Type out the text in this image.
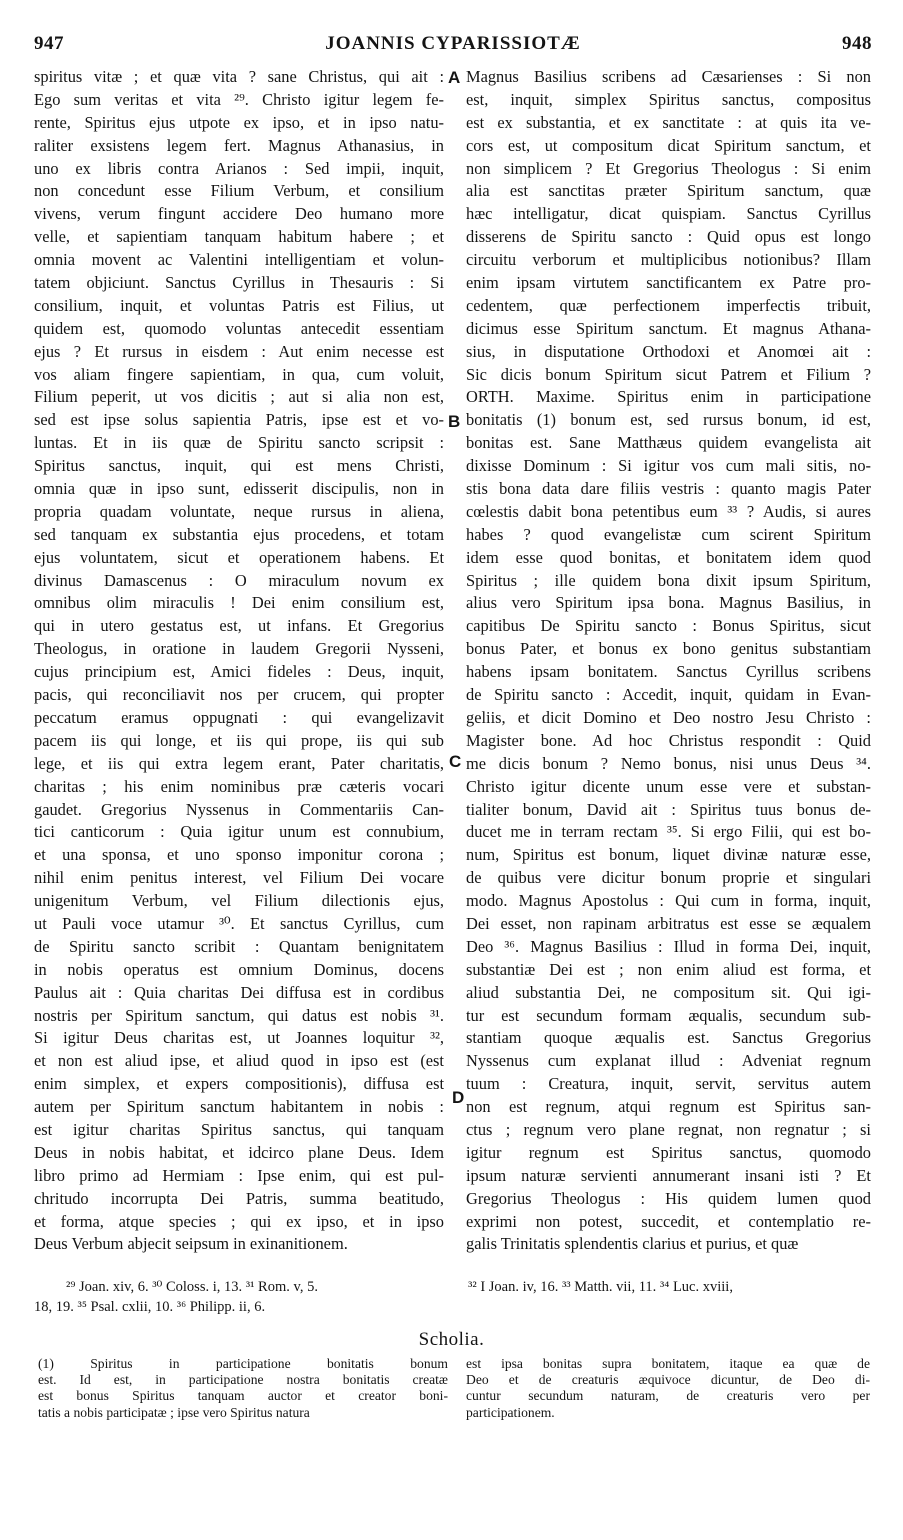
947	JOANNIS CYPARISSIOTÆ	948
spiritus vitæ ; et quæ vita ? sane Christus, qui ait :
Ego sum veritas et vita ²⁹. Christo igitur legem fe-
rente, Spiritus ejus utpote ex ipso, et in ipso natu-
raliter exsistens legem fert. Magnus Athanasius, in
uno ex libris contra Arianos : Sed impii, inquit,
non concedunt esse Filium Verbum, et consilium
vivens, verum fingunt accidere Deo humano more
velle, et sapientiam tanquam habitum habere ; et
omnia movent ac Valentini intelligentiam et volun-
tatem objiciunt. Sanctus Cyrillus in Thesauris : Si
consilium, inquit, et voluntas Patris est Filius, ut
quidem est, quomodo voluntas antecedit essentiam
ejus ? Et rursus in eisdem : Aut enim necesse est
vos aliam fingere sapientiam, in qua, cum voluit,
Filium peperit, ut vos dicitis ; aut si alia non est,
sed est ipse solus sapientia Patris, ipse est et vo-
luntas. Et in iis quæ de Spiritu sancto scripsit :
Spiritus sanctus, inquit, qui est mens Christi,
omnia quæ in ipso sunt, edisserit discipulis, non in
propria quadam voluntate, neque rursus in aliena,
sed tanquam ex substantia ejus procedens, et totam
ejus voluntatem, sicut et operationem habens. Et
divinus Damascenus : O miraculum novum ex
omnibus olim miraculis ! Dei enim consilium est,
qui in utero gestatus est, ut infans. Et Gregorius
Theologus, in oratione in laudem Gregorii Nysseni,
cujus principium est, Amici fideles : Deus, inquit,
pacis, qui reconciliavit nos per crucem, qui propter
peccatum eramus oppugnati : qui evangelizavit
pacem iis qui longe, et iis qui prope, iis qui sub
lege, et iis qui extra legem erant, Pater charitatis,
charitas ; his enim nominibus præ cæteris vocari
gaudet. Gregorius Nyssenus in Commentariis Can-
tici canticorum : Quia igitur unum est connubium,
et una sponsa, et uno sponso imponitur corona ;
nihil enim penitus interest, vel Filium Dei vocare
unigenitum Verbum, vel Filium dilectionis ejus,
ut Pauli voce utamur ³⁰. Et sanctus Cyrillus, cum
de Spiritu sancto scribit : Quantam benignitatem
in nobis operatus est omnium Dominus, docens
Paulus ait : Quia charitas Dei diffusa est in cordibus
nostris per Spiritum sanctum, qui datus est nobis ³¹.
Si igitur Deus charitas est, ut Joannes loquitur ³²,
et non est aliud ipse, et aliud quod in ipso est (est
enim simplex, et expers compositionis), diffusa est
autem per Spiritum sanctum habitantem in nobis :
est igitur charitas Spiritus sanctus, qui tanquam
Deus in nobis habitat, et idcirco plane Deus. Idem
libro primo ad Hermiam : Ipse enim, qui est pul-
chritudo incorrupta Dei Patris, summa beatitudo,
et forma, atque species ; qui ex ipso, et in ipso
Deus Verbum abjecit seipsum in exinanitionem.
Magnus Basilius scribens ad Cæsarienses : Si non
est, inquit, simplex Spiritus sanctus, compositus
est ex substantia, et ex sanctitate : at quis ita ve-
cors est, ut compositum dicat Spiritum sanctum, et
non simplicem ? Et Gregorius Theologus : Si enim
alia est sanctitas præter Spiritum sanctum, quæ
hæc intelligatur, dicat quispiam. Sanctus Cyrillus
disserens de Spiritu sancto : Quid opus est longo
circuitu verborum et multiplicibus notionibus? Illam
enim ipsam virtutem sanctificantem ex Patre pro-
cedentem, quæ perfectionem imperfectis tribuit,
dicimus esse Spiritum sanctum. Et magnus Athana-
sius, in disputatione Orthodoxi et Anomœi ait :
Sic dicis bonum Spiritum sicut Patrem et Filium ?
ORTH. Maxime. Spiritus enim in participatione
bonitatis (1) bonum est, sed rursus bonum, id est,
bonitas est. Sane Matthæus quidem evangelista ait
dixisse Dominum : Si igitur vos cum mali sitis, no-
stis bona data dare filiis vestris : quanto magis Pater
cœlestis dabit bona petentibus eum ³³ ? Audis, si aures
habes ? quod evangelistæ cum scirent Spiritum
idem esse quod bonitas, et bonitatem idem quod
Spiritus ; ille quidem bona dixit ipsum Spiritum,
alius vero Spiritum ipsa bona. Magnus Basilius, in
capitibus De Spiritu sancto : Bonus Spiritus, sicut
bonus Pater, et bonus ex bono genitus substantiam
habens ipsam bonitatem. Sanctus Cyrillus scribens
de Spiritu sancto : Accedit, inquit, quidam in Evan-
geliis, et dicit Domino et Deo nostro Jesu Christo :
Magister bone. Ad hoc Christus respondit : Quid
me dicis bonum ? Nemo bonus, nisi unus Deus ³⁴.
Christo igitur dicente unum esse vere et substan-
tialiter bonum, David ait : Spiritus tuus bonus de-
ducet me in terram rectam ³⁵. Si ergo Filii, qui est bo-
num, Spiritus est bonum, liquet divinæ naturæ esse,
de quibus vere dicitur bonum proprie et singulari
modo. Magnus Apostolus : Qui cum in forma, inquit,
Dei esset, non rapinam arbitratus est esse se æqualem
Deo ³⁶. Magnus Basilius : Illud in forma Dei, inquit,
substantiæ Dei est ; non enim aliud est forma, et
aliud substantia Dei, ne compositum sit. Qui igi-
tur est secundum formam æqualis, secundum sub-
stantiam quoque æqualis est. Sanctus Gregorius
Nyssenus cum explanat illud : Adveniat regnum
tuum : Creatura, inquit, servit, servitus autem
non est regnum, atqui regnum est Spiritus san-
ctus ; regnum vero plane regnat, non regnatur ; si
igitur regnum est Spiritus sanctus, quomodo
ipsum naturæ servienti annumerant insani isti ? Et
Gregorius Theologus : His quidem lumen quod
exprimi non potest, succedit, et contemplatio re-
galis Trinitatis splendentis clarius et purius, et quæ
A
B
C
D
²⁹ Joan. xiv, 6. ³⁰ Coloss. i, 13. ³¹ Rom. v, 5.
18, 19. ³⁵ Psal. cxlii, 10. ³⁶ Philipp. ii, 6.
³² I Joan. iv, 16. ³³ Matth. vii, 11. ³⁴ Luc. xviii,
Scholia.
(1) Spiritus in participatione bonitatis bonum
est. Id est, in participatione nostra bonitatis creatæ
est bonus Spiritus tanquam auctor et creator boni-
tatis a nobis participatæ ; ipse vero Spiritus natura
est ipsa bonitas supra bonitatem, itaque ea quæ de
Deo et de creaturis æquivoce dicuntur, de Deo di-
cuntur secundum naturam, de creaturis vero per
participationem.
